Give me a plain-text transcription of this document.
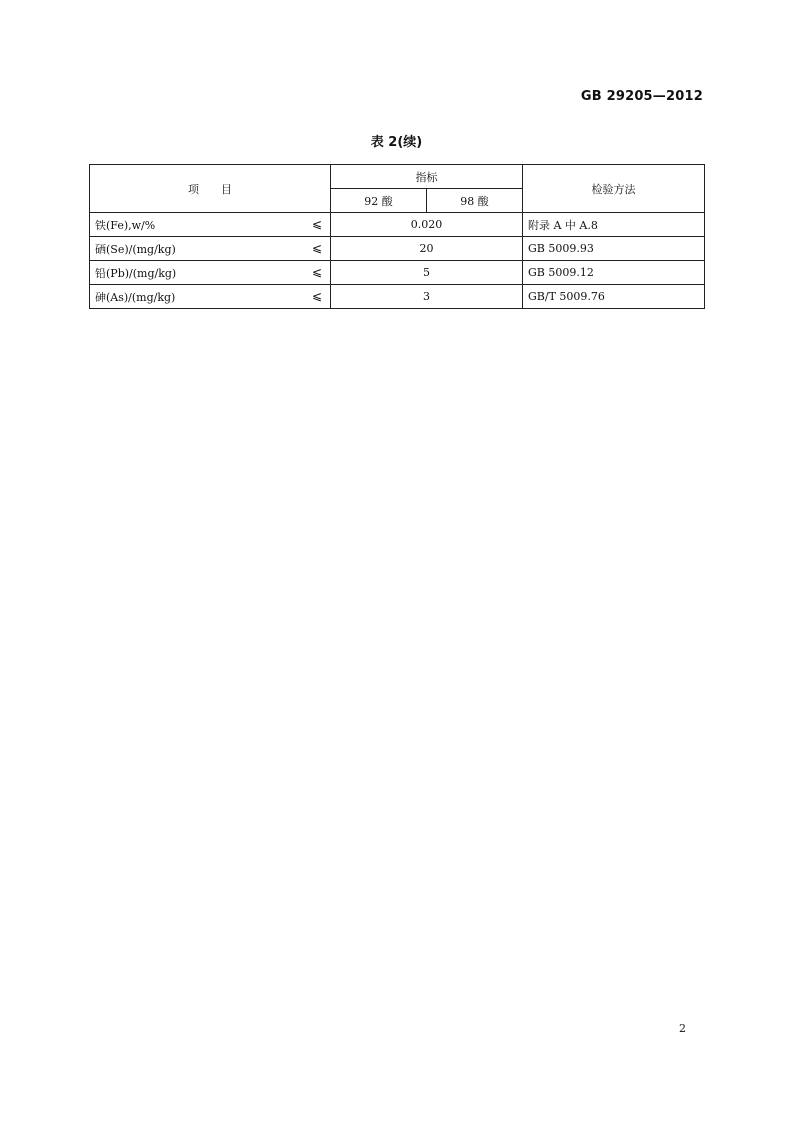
GB 29205—2012
表 2(续)
项　　目	指标		检验方法
	92 酸	98 酸	
铁(Fe),w/% ⩽	0.020		附录 A 中 A.8
硒(Se)/(mg/kg) ⩽	20		GB 5009.93
铅(Pb)/(mg/kg) ⩽	5		GB 5009.12
砷(As)/(mg/kg) ⩽	3		GB/T 5009.76
2
